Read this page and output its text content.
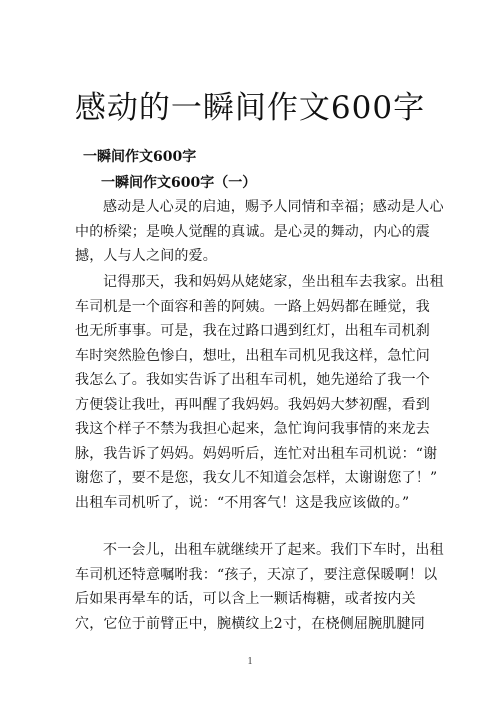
感动的一瞬间作文600字
一瞬间作文600字
一瞬间作文600字（一）
感动是人心灵的启迪，赐予人同情和幸福；感动是人心
中的桥梁；是唤人觉醒的真诚。是心灵的舞动，内心的震
撼，人与人之间的爱。
记得那天，我和妈妈从姥姥家，坐出租车去我家。出租
车司机是一个面容和善的阿姨。一路上妈妈都在睡觉，我
也无所事事。可是，我在过路口遇到红灯，出租车司机刹
车时突然脸色惨白，想吐，出租车司机见我这样，急忙问
我怎么了。我如实告诉了出租车司机，她先递给了我一个
方便袋让我吐，再叫醒了我妈妈。我妈妈大梦初醒，看到
我这个样子不禁为我担心起来，急忙询问我事情的来龙去
脉，我告诉了妈妈。妈妈听后，连忙对出租车司机说：“谢
谢您了，要不是您，我女儿不知道会怎样，太谢谢您了！”
出租车司机听了，说：“不用客气！这是我应该做的。”
不一会儿，出租车就继续开了起来。我们下车时，出租
车司机还特意嘱咐我：“孩子，天凉了，要注意保暖啊！以
后如果再晕车的话，可以含上一颗话梅糖，或者按内关
穴，它位于前臂正中，腕横纹上2寸，在桡侧屈腕肌腱同
1
